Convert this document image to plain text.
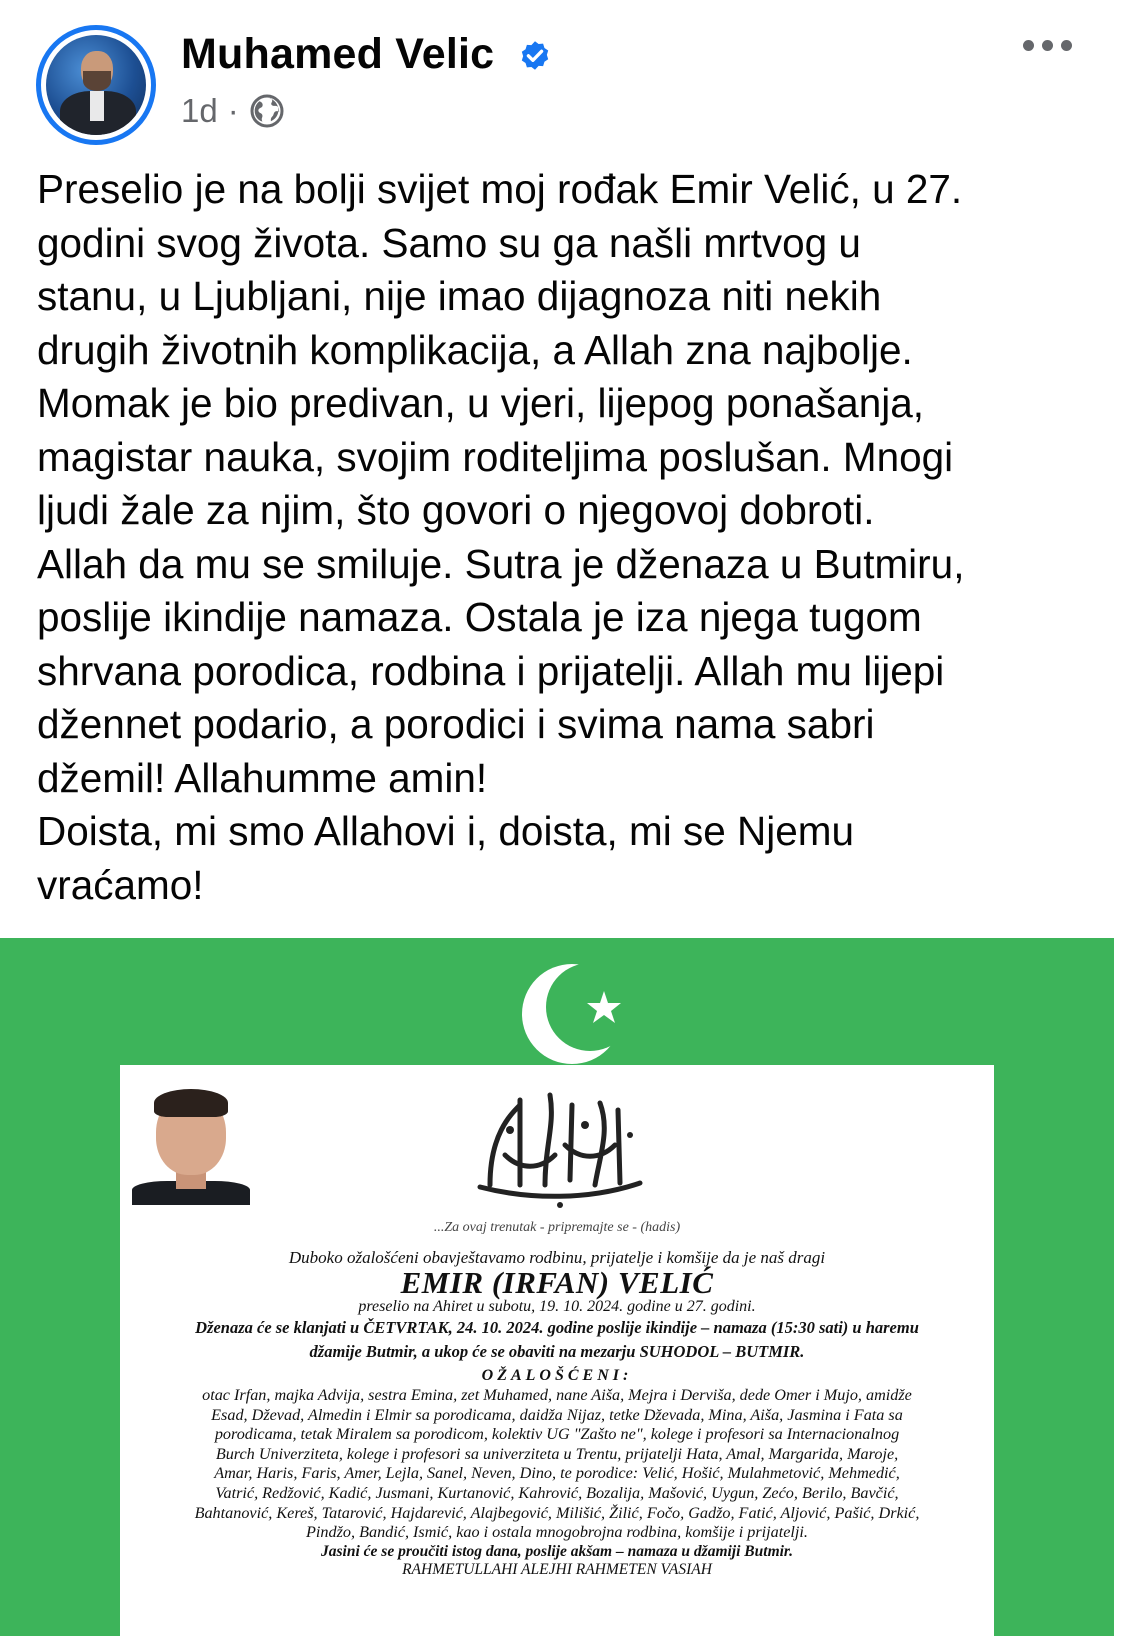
Muhamed Velic
1d ·
Preselio je na bolji svijet moj rođak Emir Velić, u 27.
godini svog života. Samo su ga našli mrtvog u
stanu, u Ljubljani, nije imao dijagnoza niti nekih
drugih životnih komplikacija, a Allah zna najbolje.
Momak je bio predivan, u vjeri, lijepog ponašanja,
magistar nauka, svojim roditeljima poslušan. Mnogi
ljudi žale za njim, što govori o njegovoj dobroti.
Allah da mu se smiluje. Sutra je dženaza u Butmiru,
poslije ikindije namaza. Ostala je iza njega tugom
shrvana porodica, rodbina i prijatelji. Allah mu lijepi
džennet podario, a porodici i svima nama sabri
džemil! Allahumme amin!
Doista, mi smo Allahovi i, doista, mi se Njemu
vraćamo!
...Za ovaj trenutak - pripremajte se - (hadis)
Duboko ožalošćeni obavještavamo rodbinu, prijatelje i komšije da je naš dragi
EMIR (IRFAN) VELIĆ
preselio na Ahiret u subotu, 19. 10. 2024. godine u 27. godini.
Dženaza će se klanjati u ČETVRTAK, 24. 10. 2024. godine poslije ikindije – namaza (15:30 sati) u haremu
džamije Butmir, a ukop će se obaviti na mezarju SUHODOL – BUTMIR.
OŽALOŠĆENI:
otac Irfan, majka Advija, sestra Emina, zet Muhamed, nane Aiša, Mejra i Derviša, dede Omer i Mujo, amidže
Esad, Dževad, Almedin i Elmir sa porodicama, daidža Nijaz, tetke Dževada, Mina, Aiša, Jasmina i Fata sa
porodicama, tetak Miralem sa porodicom, kolektiv UG "Zašto ne", kolege i profesori sa Internacionalnog
Burch Univerziteta, kolege i profesori sa univerziteta u Trentu, prijatelji Hata, Amal, Margarida, Maroje,
Amar, Haris, Faris, Amer, Lejla, Sanel, Neven, Dino, te porodice: Velić, Hošić, Mulahmetović, Mehmedić,
Vatrić, Redžović, Kadić, Jusmani, Kurtanović, Kahrović, Bozalija, Mašović, Uygun, Zećo, Berilo, Bavčić,
Bahtanović, Kereš, Tatarović, Hajdarević, Alajbegović, Milišić, Žilić, Fočo, Gadžo, Fatić, Aljović, Pašić, Drkić,
Pindžo, Bandić, Ismić, kao i ostala mnogobrojna rodbina, komšije i prijatelji.
Jasini će se proučiti istog dana, poslije akšam – namaza u džamiji Butmir.
RAHMETULLAHI ALEJHI RAHMETEN VASIAH
